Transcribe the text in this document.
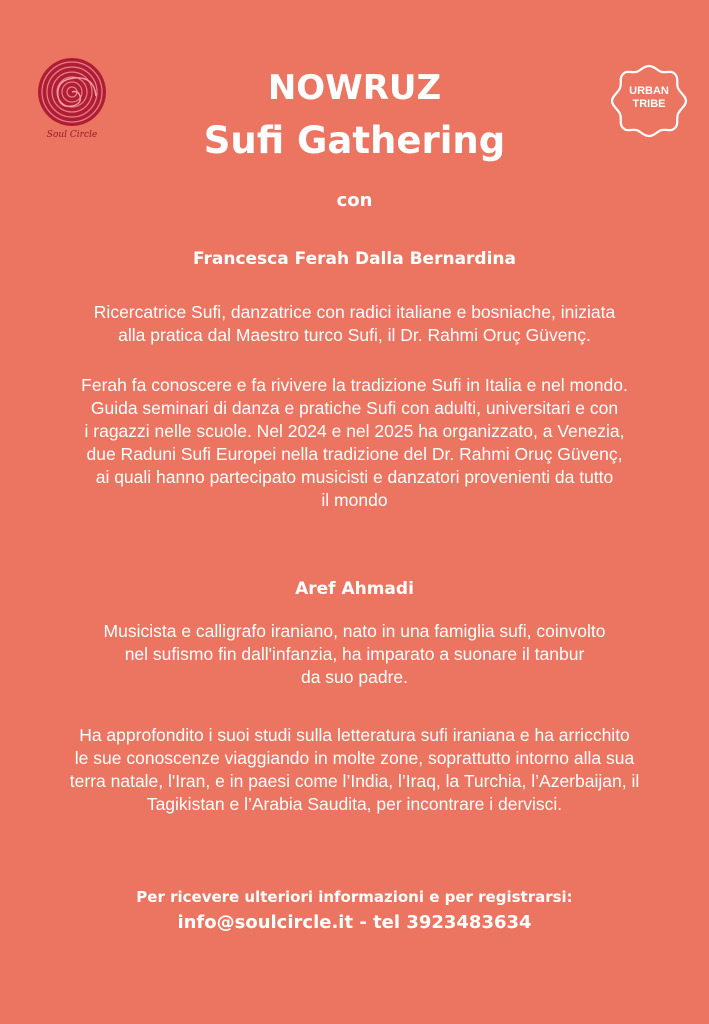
Soul Circle
URBAN
TRIBE
NOWRUZ
Sufi Gathering
con
Francesca Ferah Dalla Bernardina
Ricercatrice Sufi, danzatrice con radici italiane e bosniache, iniziata
alla pratica dal Maestro turco Sufi, il Dr. Rahmi Oruç Güvenç.
Ferah fa conoscere e fa rivivere la tradizione Sufi in Italia e nel mondo.
Guida seminari di danza e pratiche Sufi con adulti, universitari e con
i ragazzi nelle scuole. Nel 2024 e nel 2025 ha organizzato, a Venezia,
due Raduni Sufi Europei nella tradizione del Dr. Rahmi Oruç Güvenç,
ai quali hanno partecipato musicisti e danzatori provenienti da tutto
il mondo
Aref Ahmadi
Musicista e calligrafo iraniano, nato in una famiglia sufi, coinvolto
nel sufismo fin dall'infanzia, ha imparato a suonare il tanbur
da suo padre.
Ha approfondito i suoi studi sulla letteratura sufi iraniana e ha arricchito
le sue conoscenze viaggiando in molte zone, soprattutto intorno alla sua
terra natale, l'Iran, e in paesi come l’India, l’Iraq, la Turchia, l’Azerbaijan, il
Tagikistan e l’Arabia Saudita, per incontrare i dervisci.
Per ricevere ulteriori informazioni e per registrarsi:
info@soulcircle.it - tel 3923483634
